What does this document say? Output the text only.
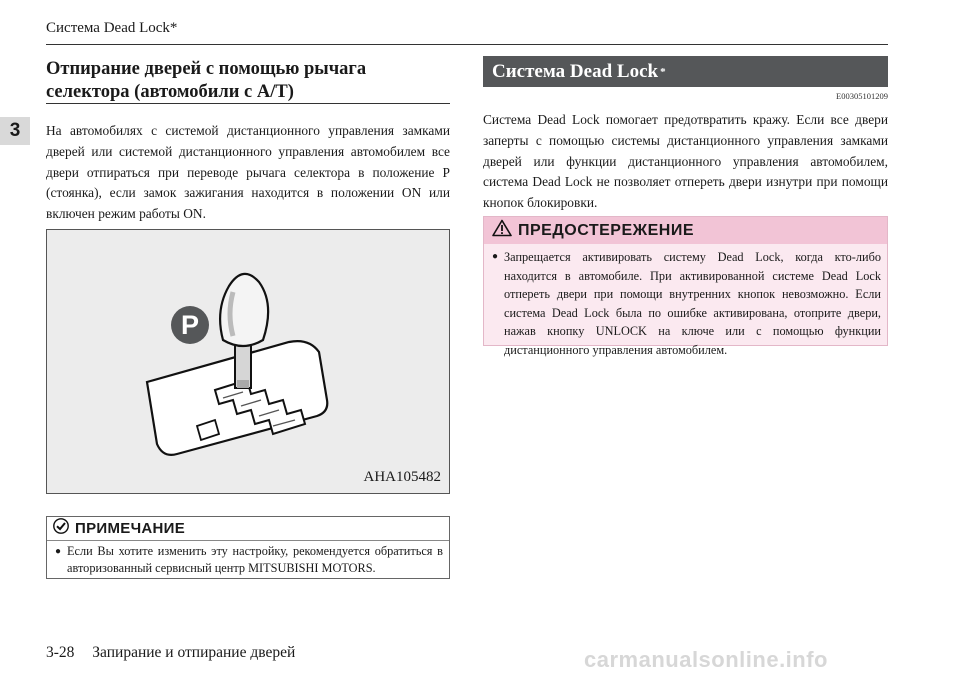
Система Dead Lock*
3
Отпирание дверей с помощью рычага селектора (автомобили с A/T)

На автомобилях с системой дистанционного управления замками дверей или системой дистанционного управления автомобилем все двери отпираться при переводе рычага селектора в положение P (стоянка), если замок зажигания находится в положении ON или включен режим работы ON.

P
AHA105482
ПРИМЕЧАНИЕ
● Если Вы хотите изменить эту настройку, рекомендуется обратиться в авторизованный сервисный центр MITSUBISHI MOTORS.
3-28 Запирание и отпирание дверей
Система Dead Lock *
E00305101209

Система Dead Lock помогает предотвратить кражу. Если все двери заперты с помощью системы дистанционного управления замками дверей или функции дистанционного управления автомобилем, система Dead Lock не позволяет отпереть двери изнутри при помощи кнопок блокировки.

ПРЕДОСТЕРЕЖЕНИЕ
● Запрещается активировать систему Dead Lock, когда кто-либо находится в автомобиле. При активированной системе Dead Lock отпереть двери при помощи внутренних кнопок невозможно. Если система Dead Lock была по ошибке активирована, отоприте двери, нажав кнопку UNLOCK на ключе или с помощью функции дистанционного управления автомобилем.
carmanualsonline.info
